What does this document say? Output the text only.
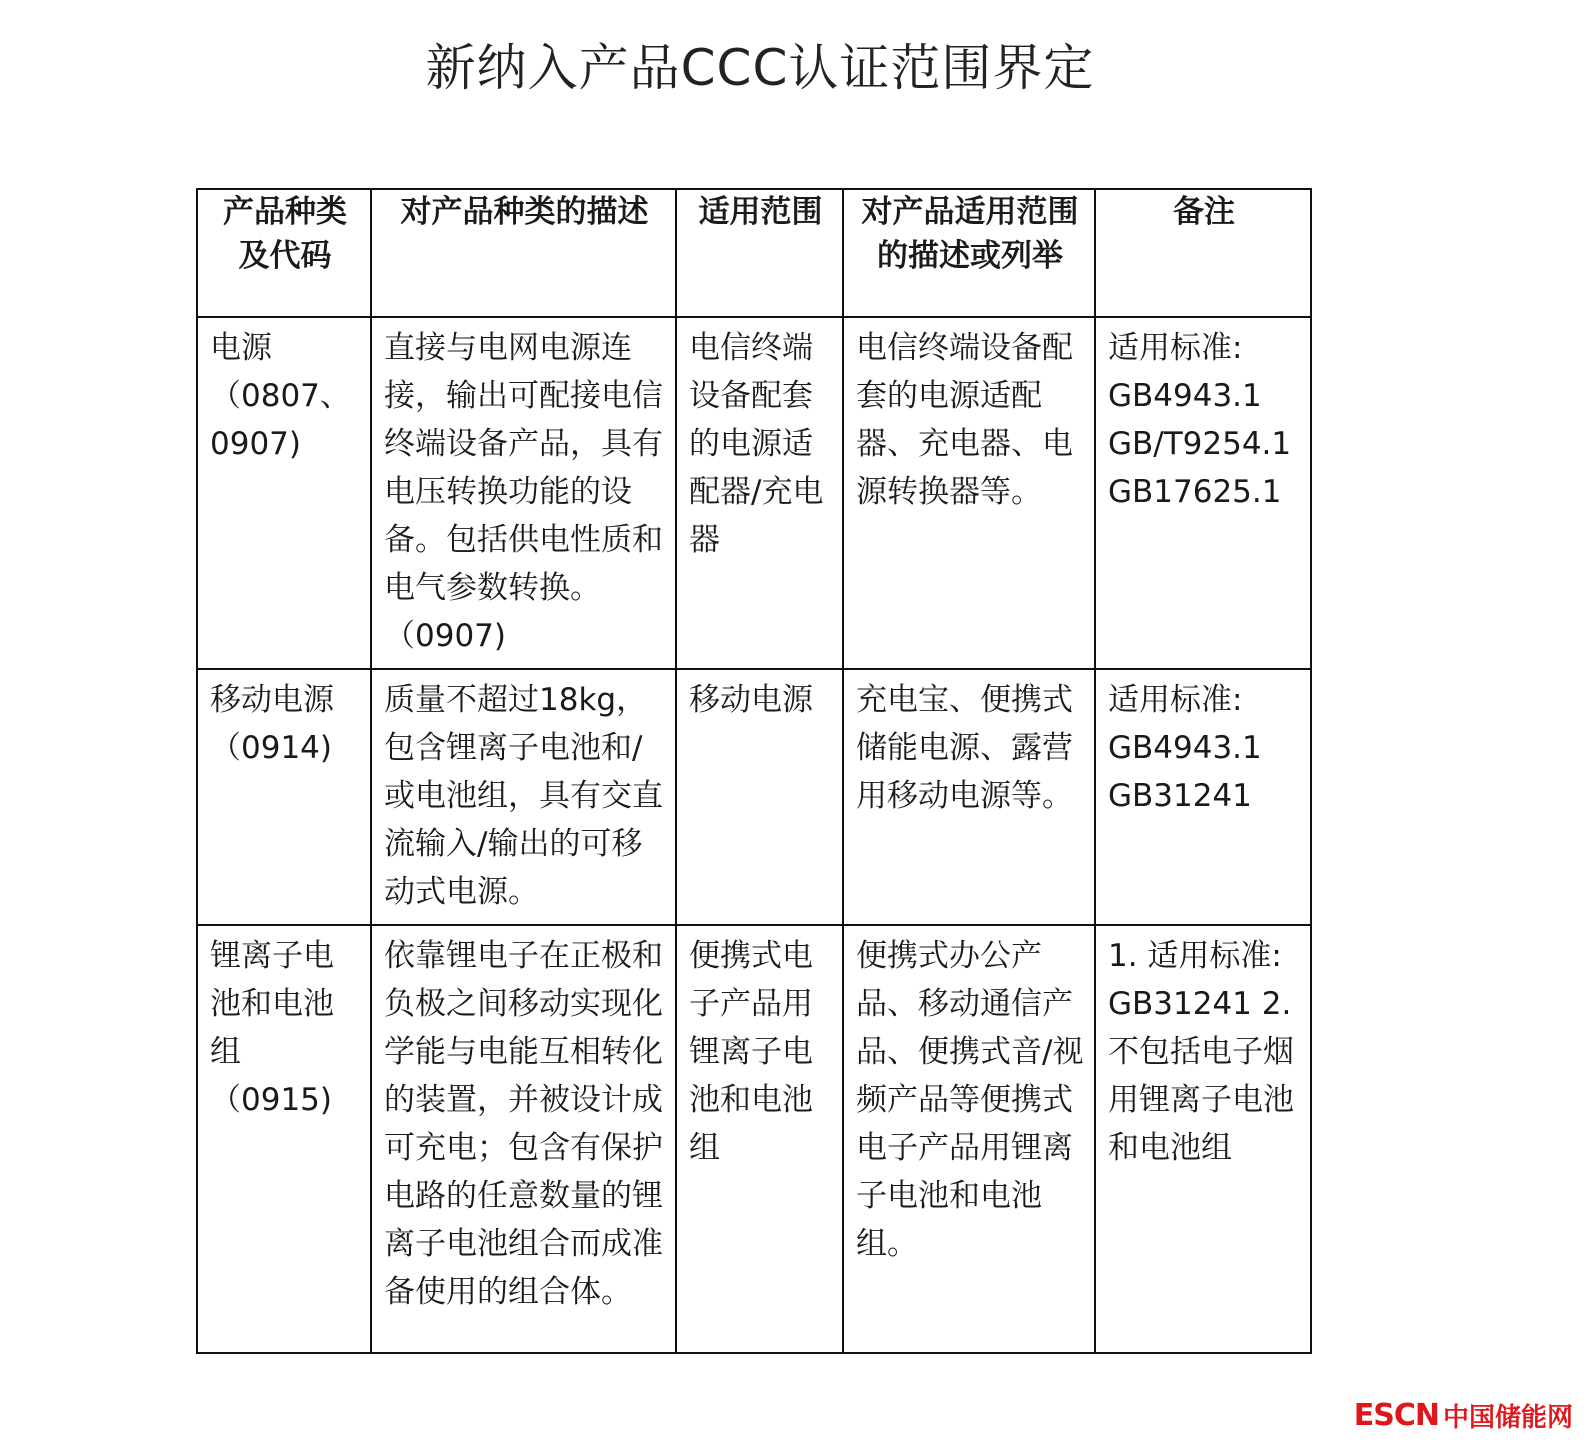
新纳入产品CCC认证范围界定
产品种类及代码	对产品种类的描述	适用范围	对产品适用范围的描述或列举	备注
电源（0807、0907)	直接与电网电源连接，输出可配接电信终端设备产品，具有电压转换功能的设备。包括供电性质和电气参数转换。（0907)	电信终端设备配套的电源适配器/充电器	电信终端设备配套的电源适配器、充电器、电源转换器等。	适用标准: GB4943.1 GB/T9254.1 GB17625.1
移动电源（0914)	质量不超过18kg，包含锂离子电池和/或电池组，具有交直流输入/输出的可移动式电源。	移动电源	充电宝、便携式储能电源、露营用移动电源等。	适用标准: GB4943.1 GB31241
锂离子电池和电池组（0915)	依靠锂电子在正极和负极之间移动实现化学能与电能互相转化的装置，并被设计成可充电；包含有保护电路的任意数量的锂离子电池组合而成准备使用的组合体。	便携式电子产品用锂离子电池和电池组	便携式办公产品、移动通信产品、便携式音/视频产品等便携式电子产品用锂离子电池和电池组。	1. 适用标准: GB31241 2.不包括电子烟用锂离子电池和电池组
ESCN 中国储能网
